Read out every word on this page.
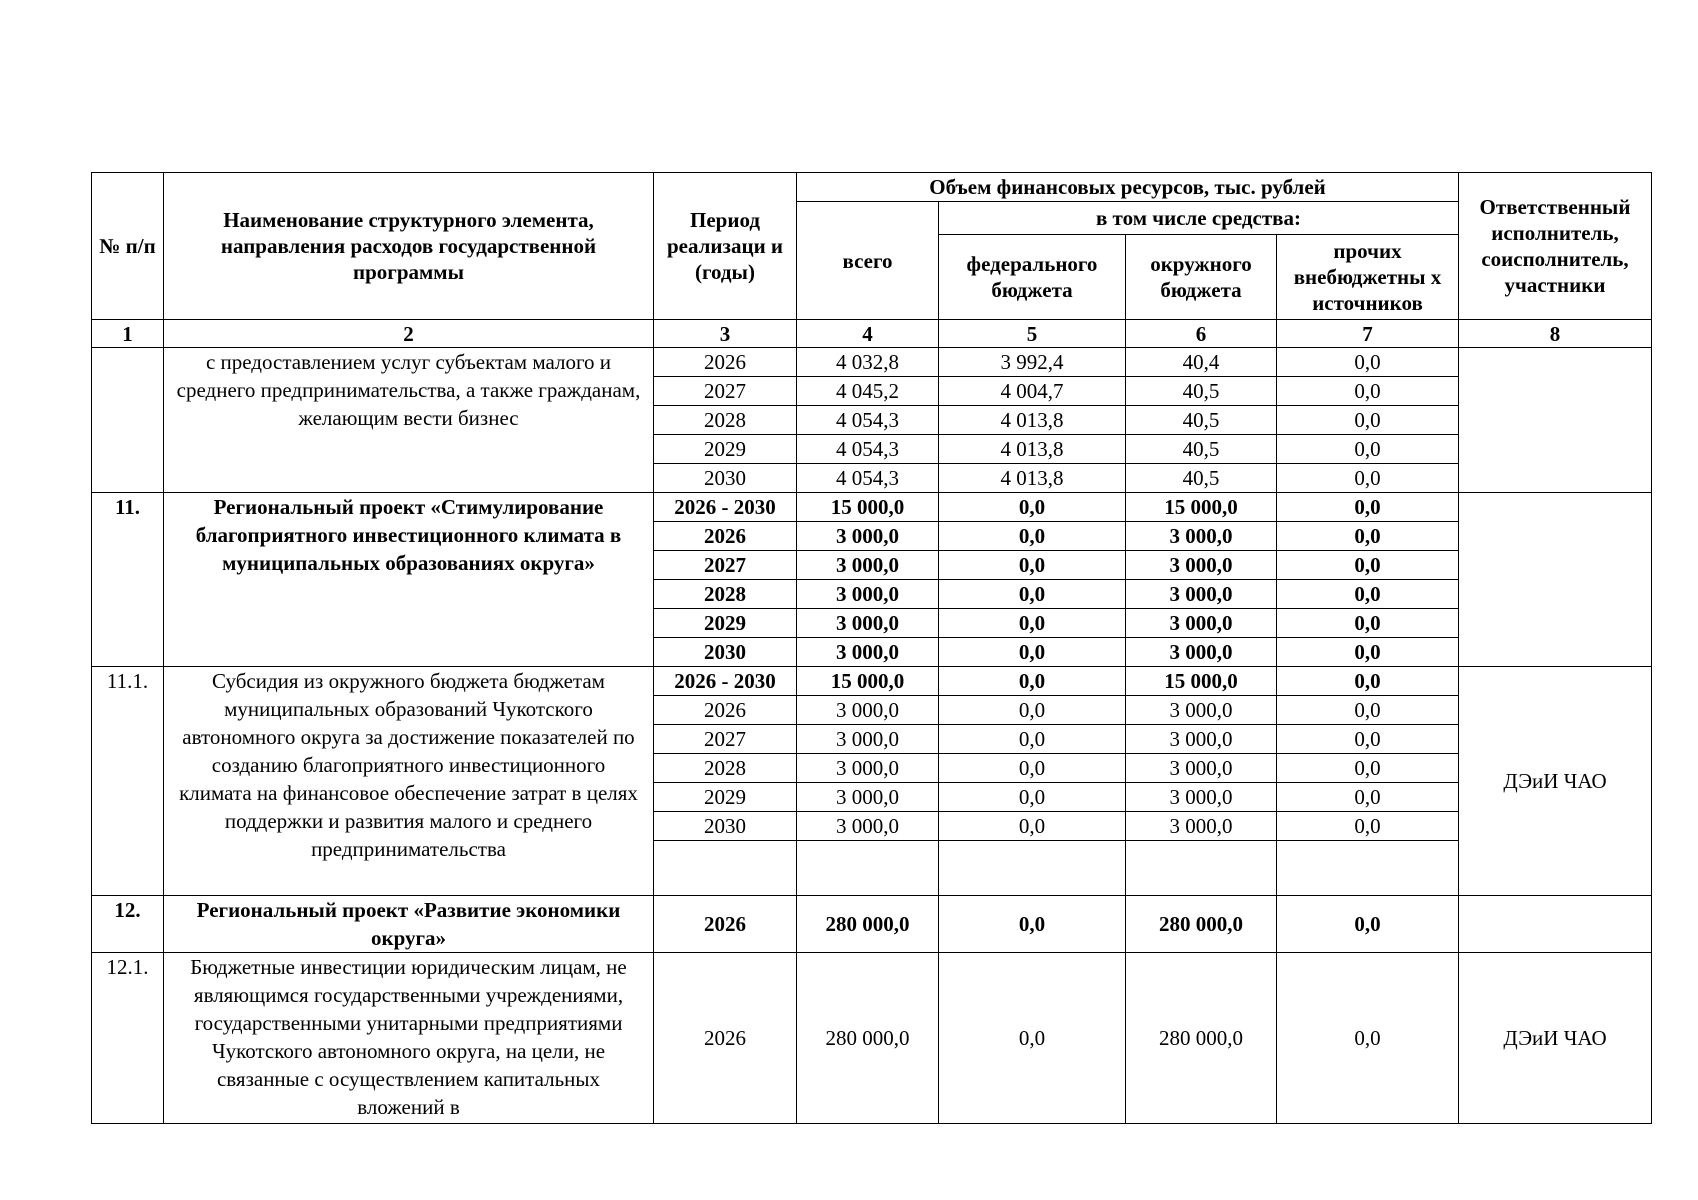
№ п/п	Наименование структурного элемента, направления расходов государственной программы	Период реализаци и (годы)	Объем финансовых ресурсов, тыс. рублей				Ответственный исполнитель, соисполнитель, участники
			всего	в том числе средства:			
				федерального бюджета	окружного бюджета	прочих внебюджетны х источников	
1	2	3	4	5	6	7	8
	с предоставлением услуг субъектам малого и среднего предпринимательства, а также гражданам, желающим вести бизнес	2026	4 032,8	3 992,4	40,4	0,0	
		2027	4 045,2	4 004,7	40,5	0,0	
		2028	4 054,3	4 013,8	40,5	0,0	
		2029	4 054,3	4 013,8	40,5	0,0	
		2030	4 054,3	4 013,8	40,5	0,0	
11.	Региональный проект «Стимулирование благоприятного инвестиционного климата в муниципальных образованиях округа»	2026 - 2030	15 000,0	0,0	15 000,0	0,0	
		2026	3 000,0	0,0	3 000,0	0,0	
		2027	3 000,0	0,0	3 000,0	0,0	
		2028	3 000,0	0,0	3 000,0	0,0	
		2029	3 000,0	0,0	3 000,0	0,0	
		2030	3 000,0	0,0	3 000,0	0,0	
11.1.	Субсидия из окружного бюджета бюджетам муниципальных образований Чукотского автономного округа за достижение показателей по созданию благоприятного инвестиционного климата на финансовое обеспечение затрат в целях поддержки и развития малого и среднего предпринимательства	2026 - 2030	15 000,0	0,0	15 000,0	0,0	ДЭиИ ЧАО
		2026	3 000,0	0,0	3 000,0	0,0	
		2027	3 000,0	0,0	3 000,0	0,0	
		2028	3 000,0	0,0	3 000,0	0,0	
		2029	3 000,0	0,0	3 000,0	0,0	
		2030	3 000,0	0,0	3 000,0	0,0	

12.	Региональный проект «Развитие экономики округа»	2026	280 000,0	0,0	280 000,0	0,0	
12.1.	Бюджетные инвестиции юридическим лицам, не являющимся государственными учреждениями, государственными унитарными предприятиями Чукотского автономного округа, на цели, не связанные с осуществлением капитальных вложений в	2026	280 000,0	0,0	280 000,0	0,0	ДЭиИ ЧАО
